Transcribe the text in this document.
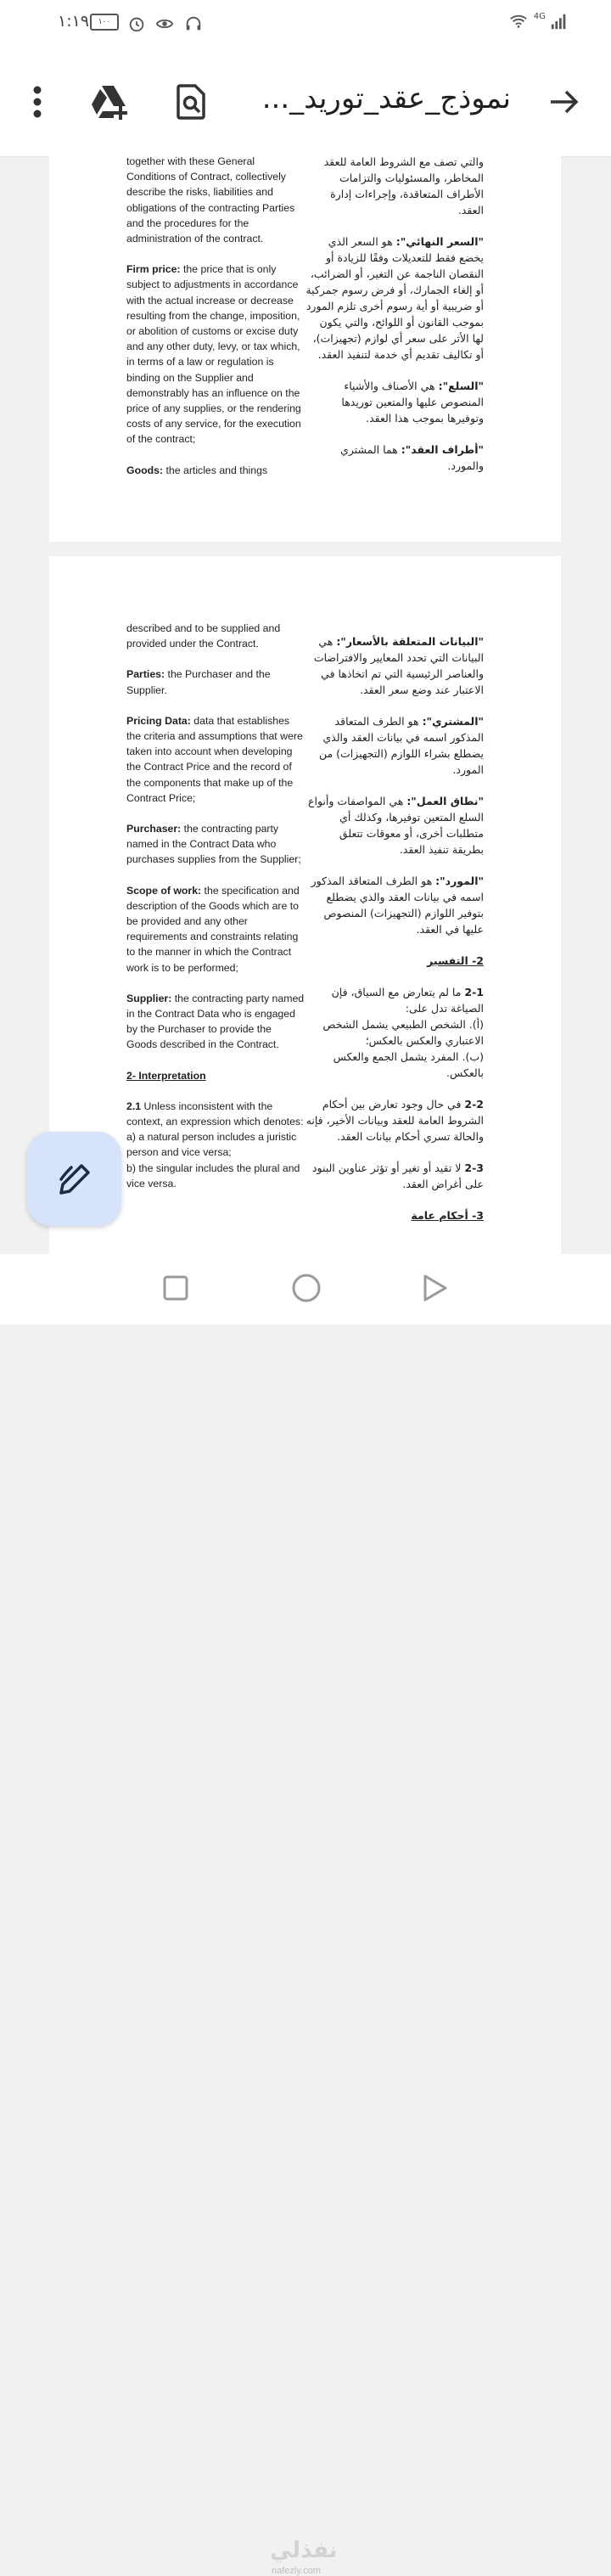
١:١٩	١٠٠

$^{4G}$
نموذج_عقد_توريد_...

together with these General Conditions of Contract, collectively describe the risks, liabilities and obligations of the contracting Parties and the procedures for the administration of the contract.

Firm price: the price that is only subject to adjustments in accordance with the actual increase or decrease resulting from the change, imposition, or abolition of customs or excise duty and any other duty, levy, or tax which, in terms of a law or regulation is binding on the Supplier and demonstrably has an influence on the price of any supplies, or the rendering costs of any service, for the execution of the contract;

Goods: the articles and things

والتي تصف مع الشروط العامة للعقد المخاطر، والمسئوليات والتزامات الأطراف المتعاقدة، وإجراءات إدارة العقد.

"السعر النهائي": هو السعر الذي يخضع فقط للتعديلات وفقًا للزيادة أو النقصان الناجمة عن التغير، أو الضرائب، أو إلغاء الجمارك، أو فرض رسوم جمركية أو ضريبية أو أية رسوم أخرى تلزم المورد بموجب القانون أو اللوائح، والتي يكون لها الأثر على سعر أي لوازم (تجهيزات)، أو تكاليف تقديم أي خدمة لتنفيذ العقد.

"السلع": هي الأصناف والأشياء المنصوص عليها والمتعين توريدها وتوفيرها بموجب هذا العقد.

"أطراف العقد": هما المشتري والمورد.

described and to be supplied and provided under the Contract.

Parties: the Purchaser and the Supplier.

Pricing Data: data that establishes the criteria and assumptions that were taken into account when developing the Contract Price and the record of the components that make up of the Contract Price;

Purchaser: the contracting party named in the Contract Data who purchases supplies from the Supplier;

Scope of work: the specification and description of the Goods which are to be provided and any other requirements and constraints relating to the manner in which the Contract work is to be performed;

Supplier: the contracting party named in the Contract Data who is engaged by the Purchaser to provide the Goods described in the Contract.

2- Interpretation

2.1 Unless inconsistent with the context, an expression which denotes:
a) a natural person includes a juristic person and vice versa;
b) the singular includes the plural and vice versa.

"البيانات المتعلقة بالأسعار": هي البيانات التي تحدد المعايير والافتراضات والعناصر الرئيسية التي تم اتخاذها في الاعتبار عند وضع سعر العقد.

"المشتري": هو الطرف المتعاقد المذكور اسمه في بيانات العقد والذي يضطلع بشراء اللوازم (التجهيزات) من المورد.

"نطاق العمل": هي المواصفات وأنواع السلع المتعين توفيرها، وكذلك أي متطلبات أخرى، أو معوقات تتعلق بطريقة تنفيذ العقد.

"المورد": هو الطرف المتعاقد المذكور اسمه في بيانات العقد والذي يضطلع بتوفير اللوازم (التجهيزات) المنصوص عليها في العقد.

2- التفسير

2-1 ما لم يتعارض مع السياق، فإن الصياغة تدل على:
(أ). الشخص الطبيعي يشمل الشخص الاعتباري والعكس بالعكس؛
(ب). المفرد يشمل الجمع والعكس بالعكس.

2-2 في حال وجود تعارض بين أحكام الشروط العامة للعقد وبيانات الأخير، فإنه والحالة تسري أحكام بيانات العقد.

2-3 لا تقيد أو تغير أو تؤثر عناوين البنود على أغراض العقد.

3- أحكام عامة

نفذلي
nafezly.com
